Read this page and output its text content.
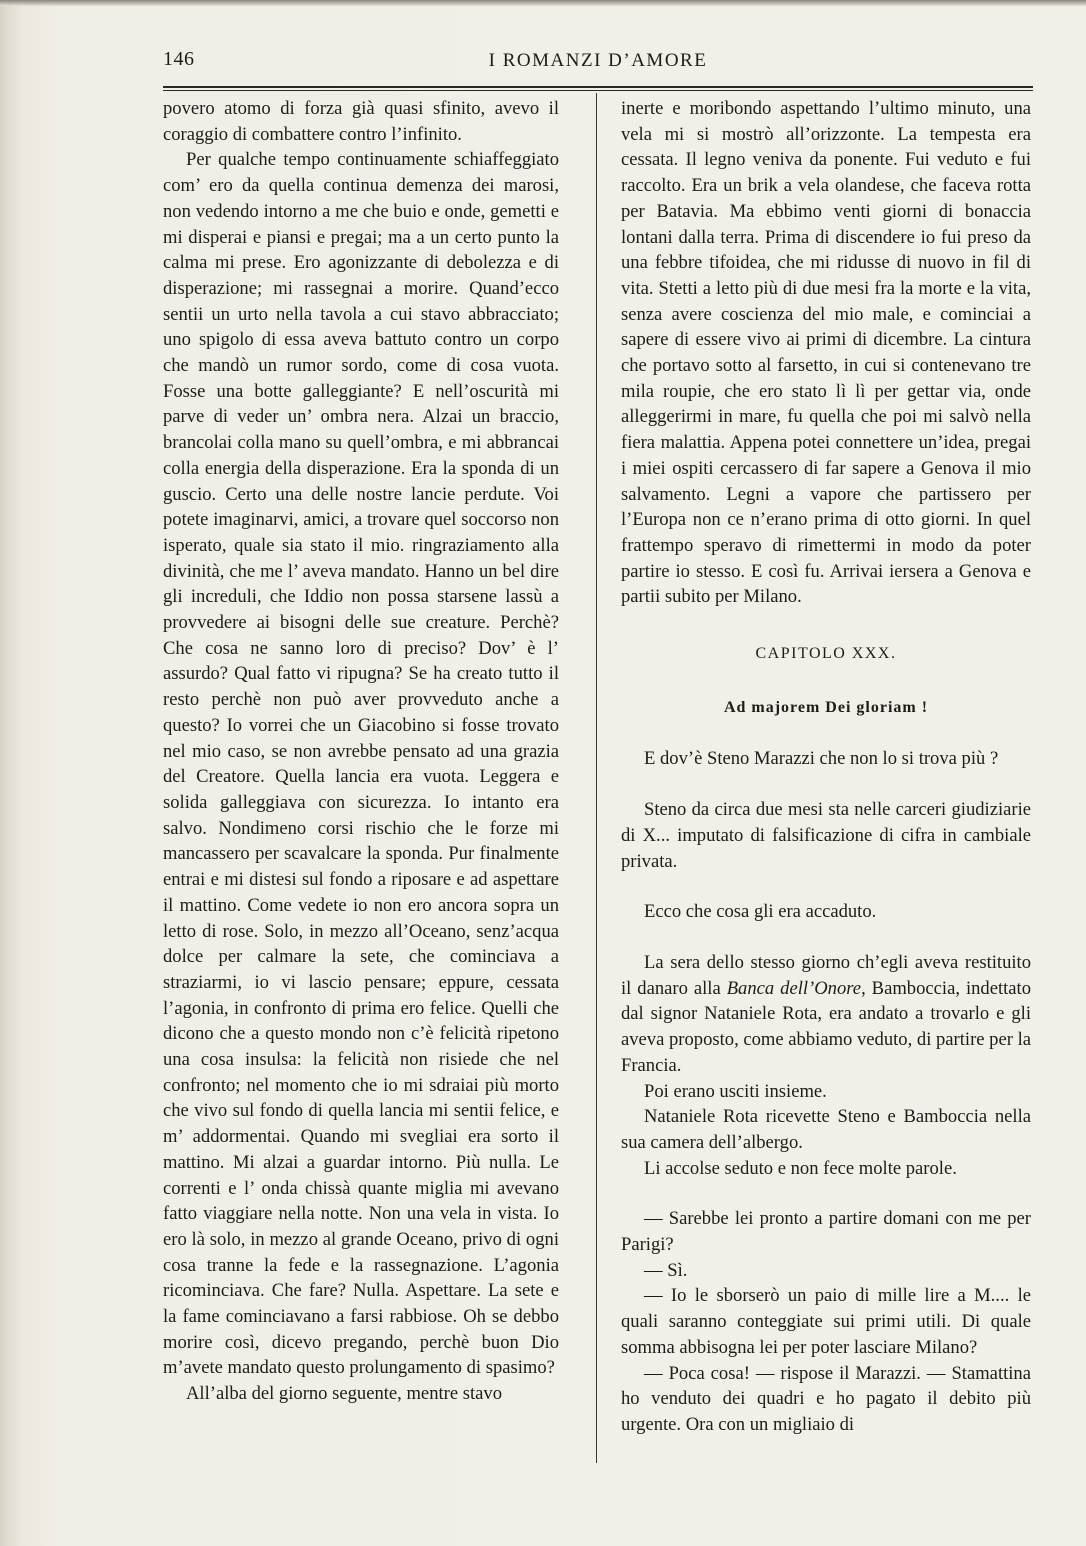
146	I ROMANZI D’AMORE

povero atomo di forza già quasi sfinito, avevo il coraggio di combattere contro l’infinito.

Per qualche tempo continuamente schiaffeggiato com’ ero da quella continua demenza dei marosi, non vedendo intorno a me che buio e onde, gemetti e mi disperai e piansi e pregai; ma a un certo punto la calma mi prese. Ero agonizzante di debolezza e di disperazione; mi rassegnai a morire. Quand’ecco sentii un urto nella tavola a cui stavo abbracciato; uno spigolo di essa aveva battuto contro un corpo che mandò un rumor sordo, come di cosa vuota. Fosse una botte galleggiante? E nell’oscurità mi parve di veder un’ ombra nera. Alzai un braccio, brancolai colla mano su quell’ombra, e mi abbrancai colla energia della disperazione. Era la sponda di un guscio. Certo una delle nostre lancie perdute. Voi potete imaginarvi, amici, a trovare quel soccorso non isperato, quale sia stato il mio. ringraziamento alla divinità, che me l’ aveva mandato. Hanno un bel dire gli increduli, che Iddio non possa starsene lassù a provvedere ai bisogni delle sue creature. Perchè? Che cosa ne sanno loro di preciso? Dov’ è l’ assurdo? Qual fatto vi ripugna? Se ha creato tutto il resto perchè non può aver provveduto anche a questo? Io vorrei che un Giacobino si fosse trovato nel mio caso, se non avrebbe pensato ad una grazia del Creatore. Quella lancia era vuota. Leggera e solida galleggiava con sicurezza. Io intanto era salvo. Nondimeno corsi rischio che le forze mi mancassero per scavalcare la sponda. Pur finalmente entrai e mi distesi sul fondo a riposare e ad aspettare il mattino. Come vedete io non ero ancora sopra un letto di rose. Solo, in mezzo all’Oceano, senz’acqua dolce per calmare la sete, che cominciava a straziarmi, io vi lascio pensare; eppure, cessata l’agonia, in confronto di prima ero felice. Quelli che dicono che a questo mondo non c’è felicità ripetono una cosa insulsa: la felicità non risiede che nel confronto; nel momento che io mi sdraiai più morto che vivo sul fondo di quella lancia mi sentii felice, e m’ addormentai. Quando mi svegliai era sorto il mattino. Mi alzai a guardar intorno. Più nulla. Le correnti e l’ onda chissà quante miglia mi avevano fatto viaggiare nella notte. Non una vela in vista. Io ero là solo, in mezzo al grande Oceano, privo di ogni cosa tranne la fede e la rassegnazione. L’agonia ricominciava. Che fare? Nulla. Aspettare. La sete e la fame cominciavano a farsi rabbiose. Oh se debbo morire così, dicevo pregando, perchè buon Dio m’avete mandato questo prolungamento di spasimo?

All’alba del giorno seguente, mentre stavo

inerte e moribondo aspettando l’ultimo minuto, una vela mi si mostrò all’orizzonte. La tempesta era cessata. Il legno veniva da ponente. Fui veduto e fui raccolto. Era un brik a vela olandese, che faceva rotta per Batavia. Ma ebbimo venti giorni di bonaccia lontani dalla terra. Prima di discendere io fui preso da una febbre tifoidea, che mi ridusse di nuovo in fil di vita. Stetti a letto più di due mesi fra la morte e la vita, senza avere coscienza del mio male, e cominciai a sapere di essere vivo ai primi di dicembre. La cintura che portavo sotto al farsetto, in cui si contenevano tre mila roupie, che ero stato lì lì per gettar via, onde alleggerirmi in mare, fu quella che poi mi salvò nella fiera malattia. Appena potei connettere un’idea, pregai i miei ospiti cercassero di far sapere a Genova il mio salvamento. Legni a vapore che partissero per l’Europa non ce n’erano prima di otto giorni. In quel frattempo speravo di rimettermi in modo da poter partire io stesso. E così fu. Arrivai iersera a Genova e partii subito per Milano.

CAPITOLO XXX.
Ad majorem Dei gloriam !

E dov’è Steno Marazzi che non lo si trova più ?

Steno da circa due mesi sta nelle carceri giudiziarie di X... imputato di falsificazione di cifra in cambiale privata.

Ecco che cosa gli era accaduto.

La sera dello stesso giorno ch’egli aveva restituito il danaro alla Banca dell’Onore, Bamboccia, indettato dal signor Nataniele Rota, era andato a trovarlo e gli aveva proposto, come abbiamo veduto, di partire per la Francia.

Poi erano usciti insieme.

Nataniele Rota ricevette Steno e Bamboccia nella sua camera dell’albergo.

Li accolse seduto e non fece molte parole.

— Sarebbe lei pronto a partire domani con me per Parigi?

— Sì.

— Io le sborserò un paio di mille lire a M.... le quali saranno conteggiate sui primi utili. Di quale somma abbisogna lei per poter lasciare Milano?

— Poca cosa! — rispose il Marazzi. — Stamattina ho venduto dei quadri e ho pagato il debito più urgente. Ora con un migliaio di
